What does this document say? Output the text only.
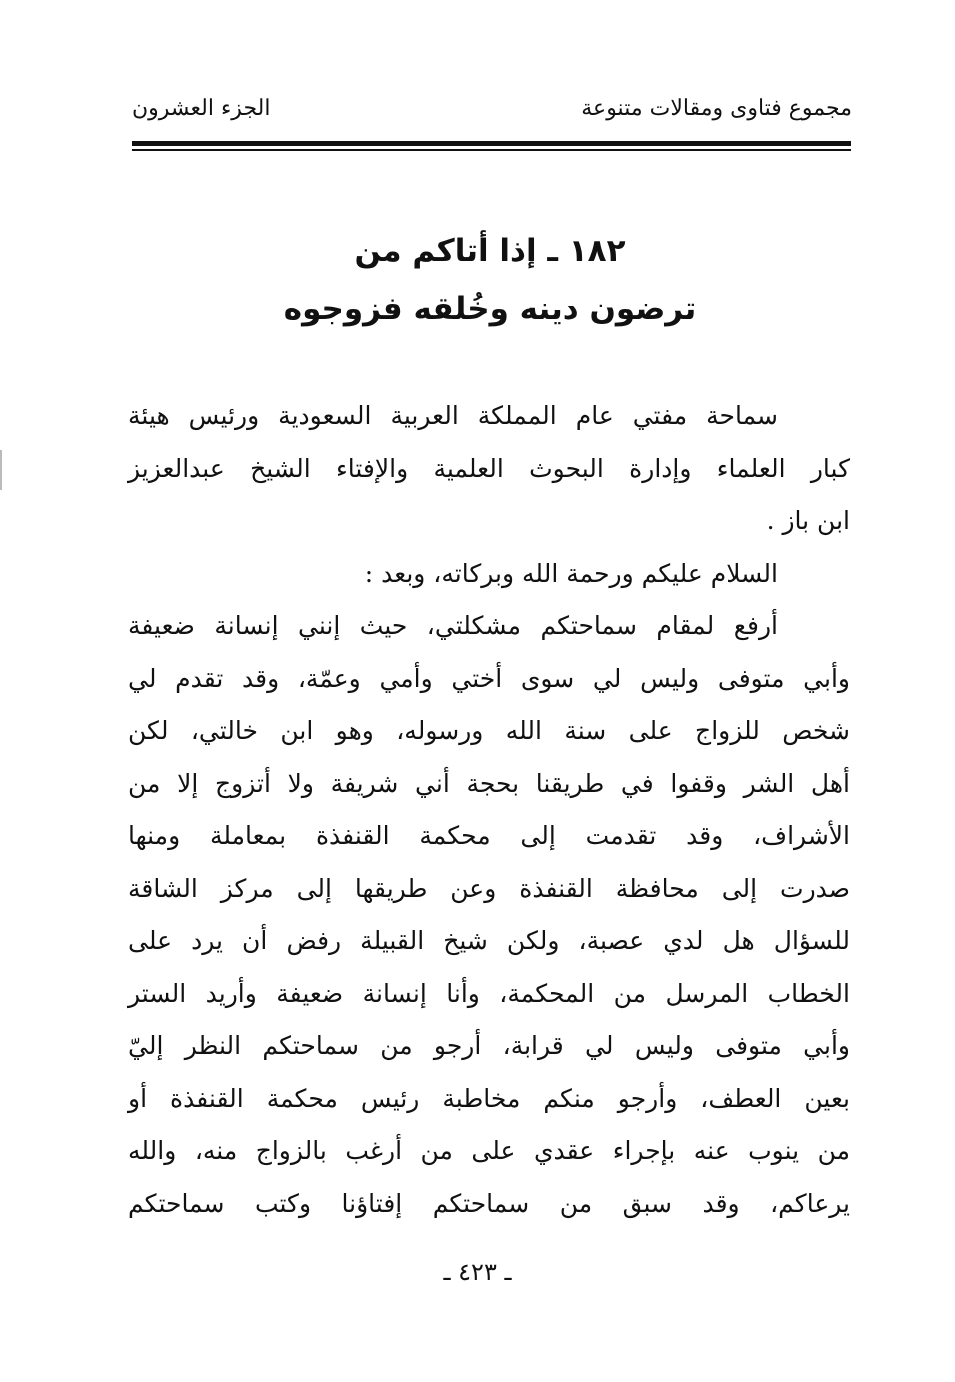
مجموع فتاوى ومقالات متنوعة
الجزء العشرون
١٨٢ ـ إذا أتاكم من
ترضون دينه وخُلقه فزوجوه
سماحة مفتي عام المملكة العربية السعودية ورئيس هيئة
كبار العلماء وإدارة البحوث العلمية والإفتاء الشيخ عبدالعزيز
ابن باز .
السلام عليكم ورحمة الله وبركاته، وبعد :
أرفع لمقام سماحتكم مشكلتي، حيث إنني إنسانة ضعيفة
وأبي متوفى وليس لي سوى أختي وأمي وعمّة، وقد تقدم لي
شخص للزواج على سنة الله ورسوله، وهو ابن خالتي، لكن
أهل الشر وقفوا في طريقنا بحجة أني شريفة ولا أتزوج إلا من
الأشراف، وقد تقدمت إلى محكمة القنفذة بمعاملة ومنها
صدرت إلى محافظة القنفذة وعن طريقها إلى مركز الشاقة
للسؤال هل لدي عصبة، ولكن شيخ القبيلة رفض أن يرد على
الخطاب المرسل من المحكمة، وأنا إنسانة ضعيفة وأريد الستر
وأبي متوفى وليس لي قرابة، أرجو من سماحتكم النظر إليّ
بعين العطف، وأرجو منكم مخاطبة رئيس محكمة القنفذة أو
من ينوب عنه بإجراء عقدي على من أرغب بالزواج منه، والله
يرعاكم، وقد سبق من سماحتكم إفتاؤنا وكتب سماحتكم
ـ ٤٢٣ ـ
